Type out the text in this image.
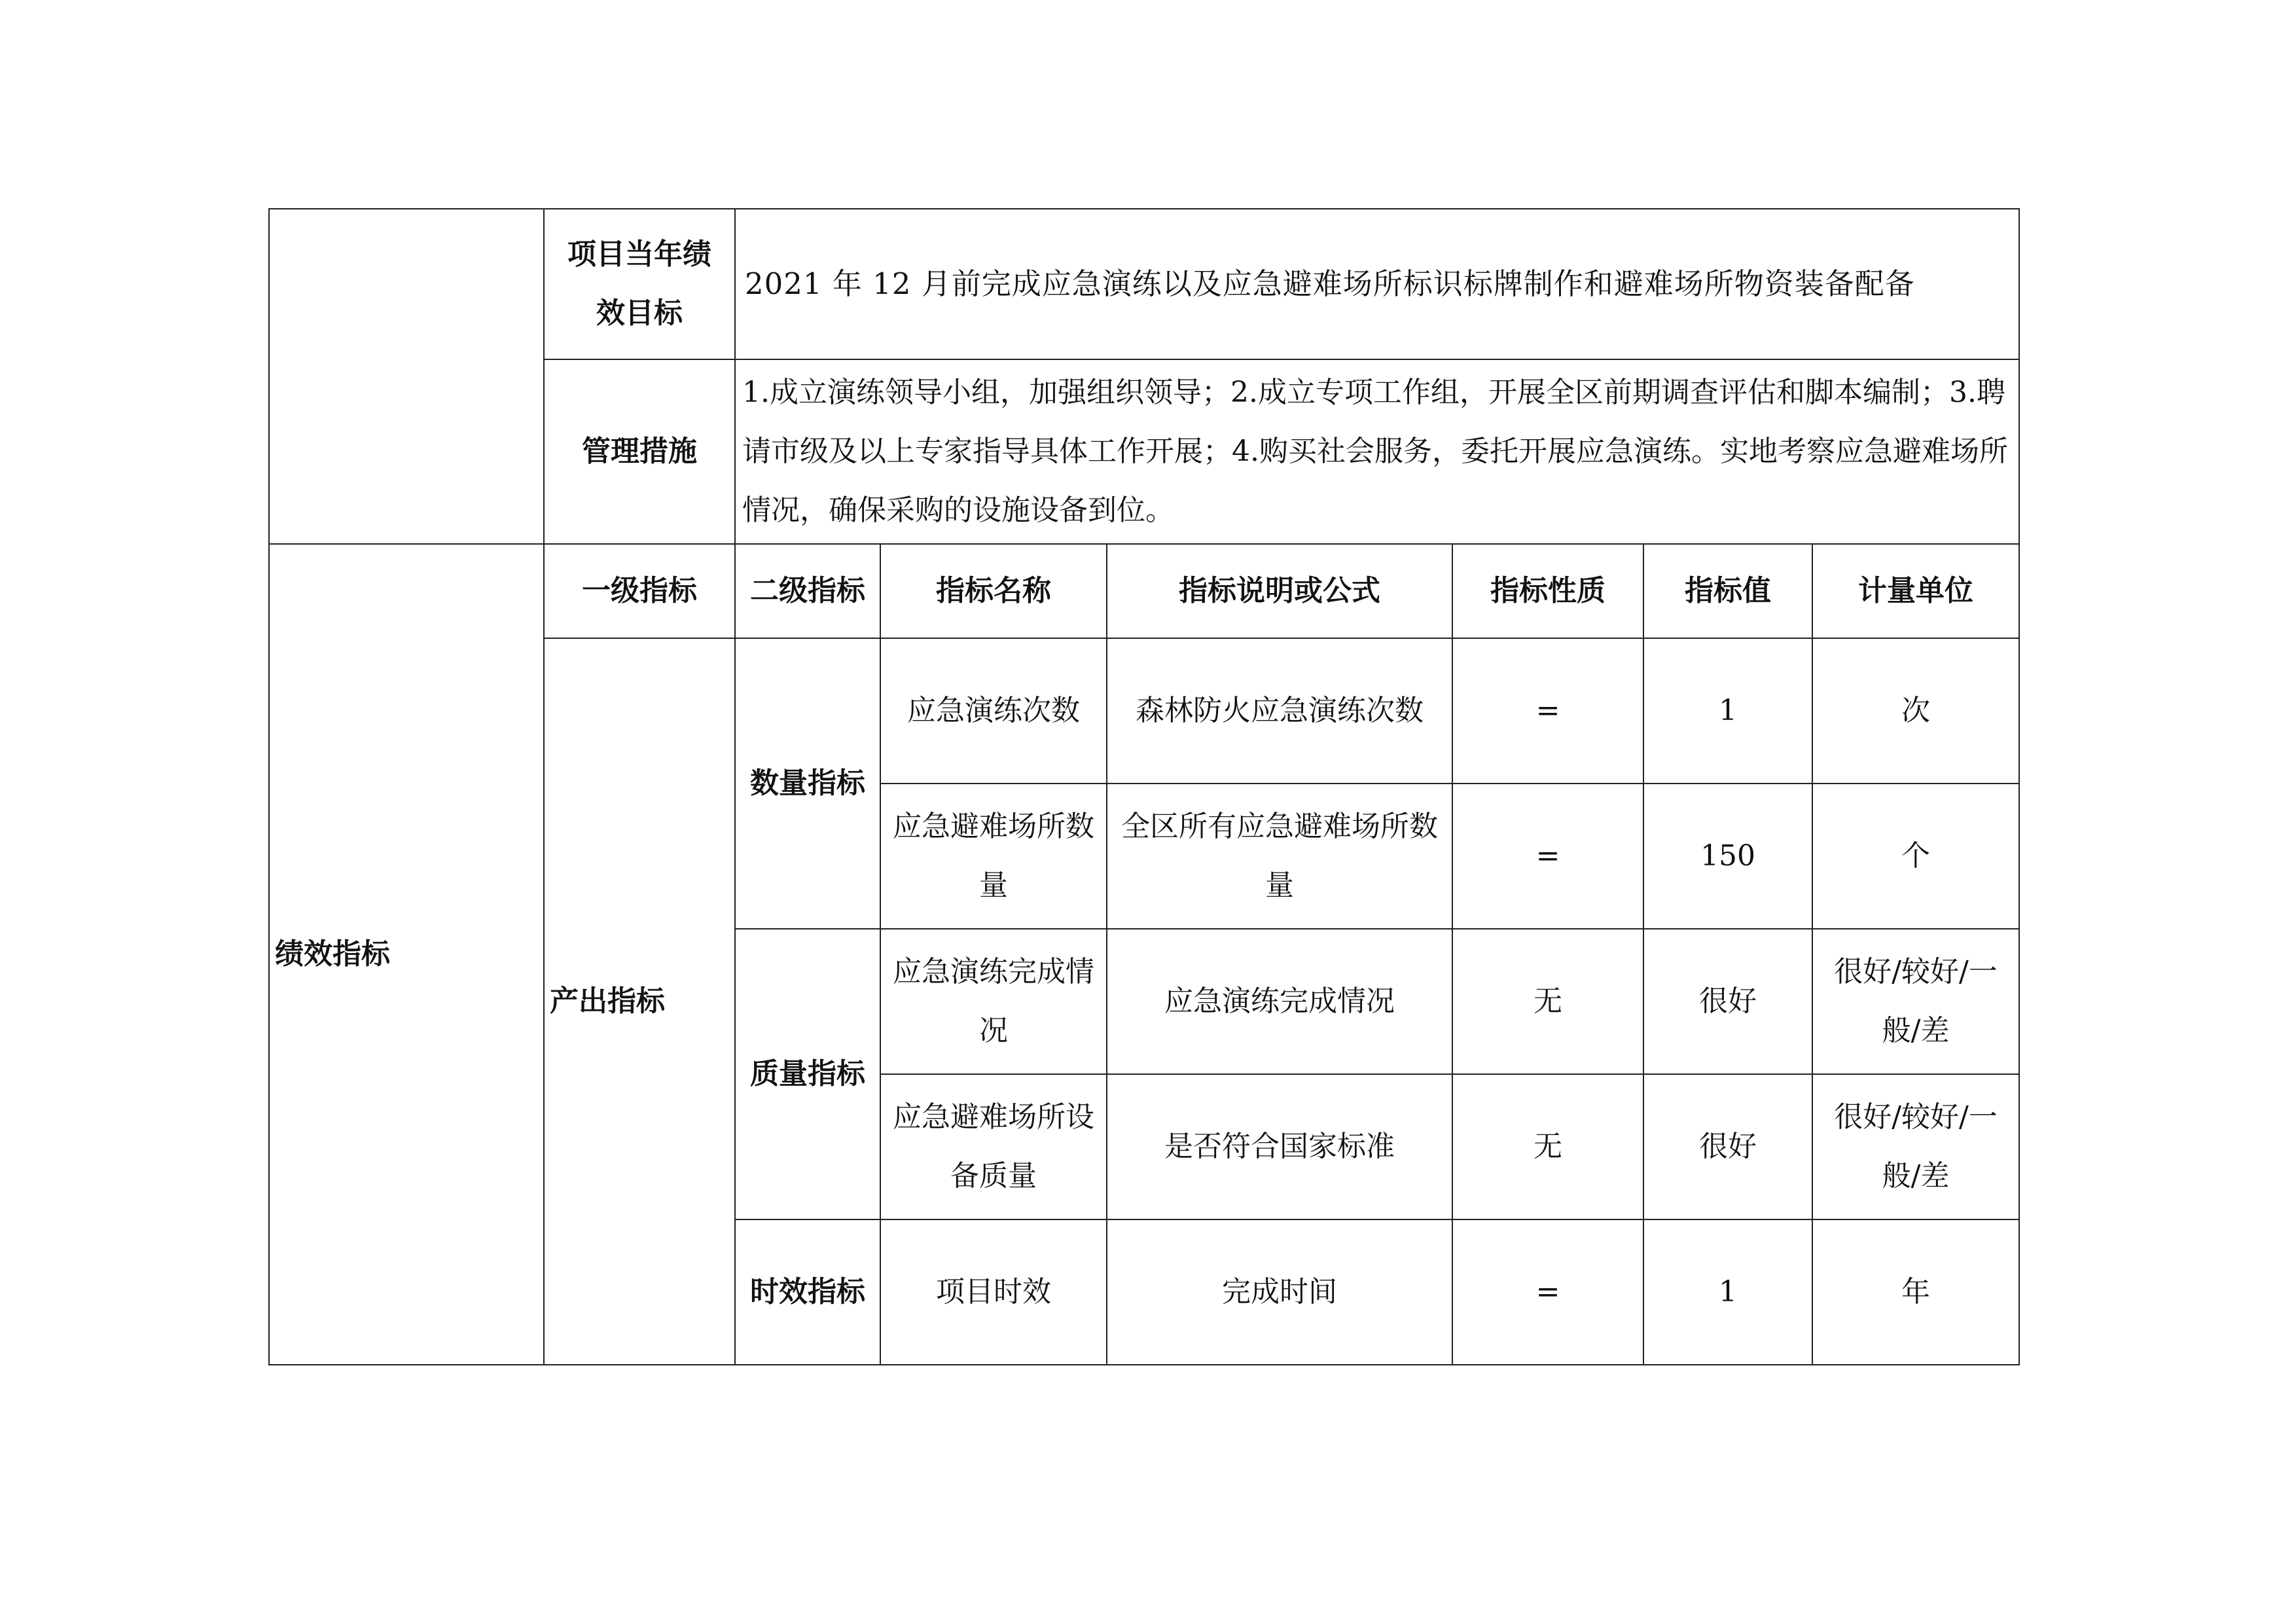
	项目当年绩效目标	2021 年 12 月前完成应急演练以及应急避难场所标识标牌制作和避难场所物资装备配备					
	管理措施	1.成立演练领导小组，加强组织领导；2.成立专项工作组，开展全区前期调查评估和脚本编制；3.聘请市级及以上专家指导具体工作开展；4.购买社会服务，委托开展应急演练。实地考察应急避难场所情况，确保采购的设施设备到位。					
绩效指标	一级指标	二级指标	指标名称	指标说明或公式	指标性质	指标值	计量单位
	产出指标	数量指标	应急演练次数	森林防火应急演练次数	=	1	次
			应急避难场所数量	全区所有应急避难场所数量	=	150	个
		质量指标	应急演练完成情况	应急演练完成情况	无	很好	很好/较好/一般/差
			应急避难场所设备质量	是否符合国家标准	无	很好	很好/较好/一般/差
		时效指标	项目时效	完成时间	=	1	年
